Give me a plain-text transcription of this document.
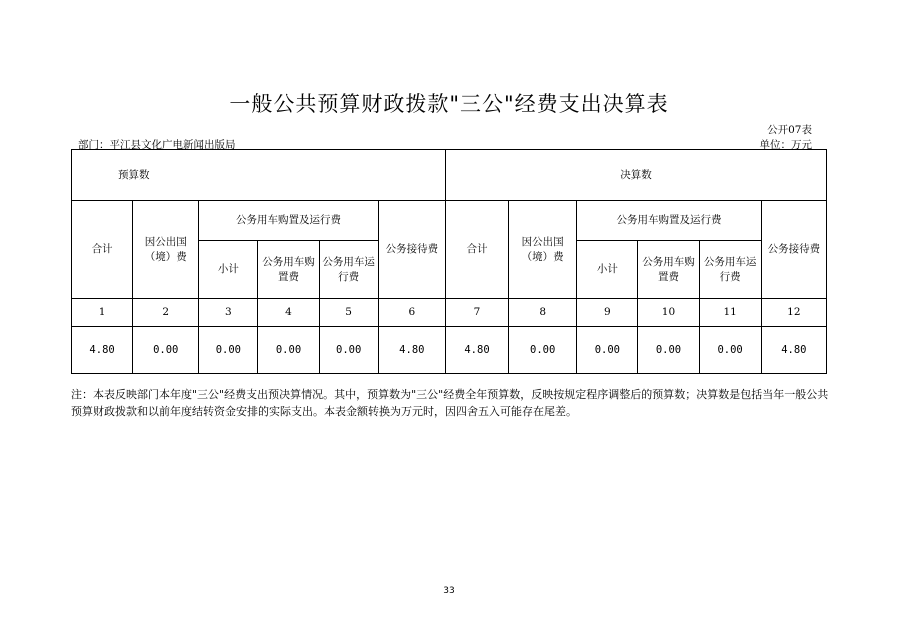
一般公共预算财政拨款"三公"经费支出决算表
公开07表
部门：平江县文化广电新闻出版局	单位：万元
预算数						决算数					
合计	因公出国（境）费	公务用车购置及运行费			公务接待费	合计	因公出国（境）费	公务用车购置及运行费			公务接待费
		小计	公务用车购置费	公务用车运行费				小计	公务用车购置费	公务用车运行费	
1	2	3	4	5	6	7	8	9	10	11	12
4.80	0.00	0.00	0.00	0.00	4.80	4.80	0.00	0.00	0.00	0.00	4.80
注：本表反映部门本年度"三公"经费支出预决算情况。其中，预算数为"三公"经费全年预算数，反映按规定程序调整后的预算数；决算数是包括当年一般公共预算财政拨款和以前年度结转资金安排的实际支出。本表金额转换为万元时，因四舍五入可能存在尾差。
33
